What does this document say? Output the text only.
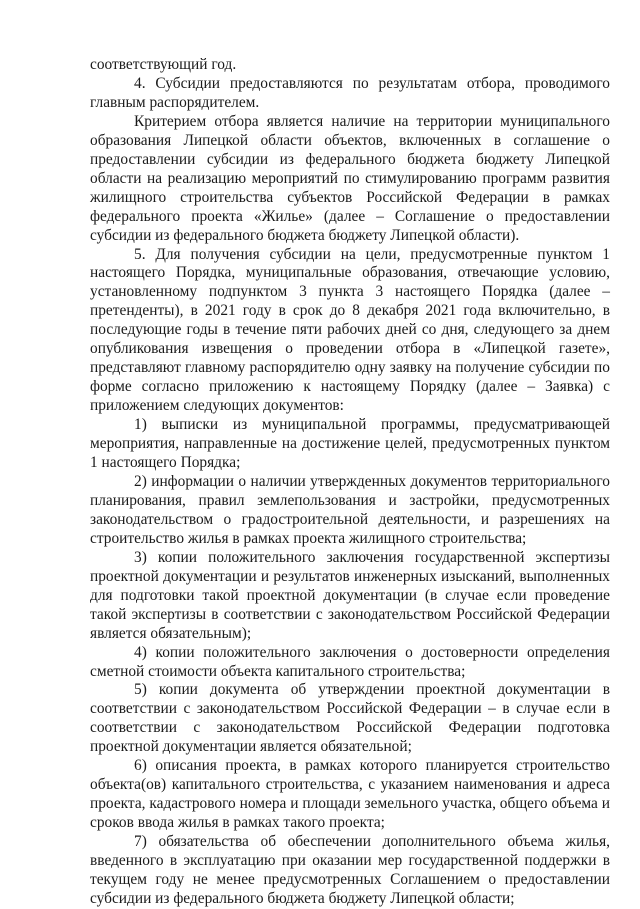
соответствующий год.

4. Субсидии предоставляются по результатам отбора, проводимого главным распорядителем.

Критерием отбора является наличие на территории муниципального образования Липецкой области объектов, включенных в соглашение о предоставлении субсидии из федерального бюджета бюджету Липецкой области на реализацию мероприятий по стимулированию программ развития жилищного строительства субъектов Российской Федерации в рамках федерального проекта «Жилье» (далее – Соглашение о предоставлении субсидии из федерального бюджета бюджету Липецкой области).

5. Для получения субсидии на цели, предусмотренные пунктом 1 настоящего Порядка, муниципальные образования, отвечающие условию, установленному подпунктом 3 пункта 3 настоящего Порядка (далее – претенденты), в 2021 году в срок до 8 декабря 2021 года включительно, в последующие годы в течение пяти рабочих дней со дня, следующего за днем опубликования извещения о проведении отбора в «Липецкой газете», представляют главному распорядителю одну заявку на получение субсидии по форме согласно приложению к настоящему Порядку (далее – Заявка) с приложением следующих документов:

1) выписки из муниципальной программы, предусматривающей мероприятия, направленные на достижение целей, предусмотренных пунктом 1 настоящего Порядка;

2) информации о наличии утвержденных документов территориального планирования, правил землепользования и застройки, предусмотренных законодательством о градостроительной деятельности, и разрешениях на строительство жилья в рамках проекта жилищного строительства;

3) копии положительного заключения государственной экспертизы проектной документации и результатов инженерных изысканий, выполненных для подготовки такой проектной документации (в случае если проведение такой экспертизы в соответствии с законодательством Российской Федерации является обязательным);

4) копии положительного заключения о достоверности определения сметной стоимости объекта капитального строительства;

5) копии документа об утверждении проектной документации в соответствии с законодательством Российской Федерации – в случае если в соответствии с законодательством Российской Федерации подготовка проектной документации является обязательной;

6) описания проекта, в рамках которого планируется строительство объекта(ов) капитального строительства, с указанием наименования и адреса проекта, кадастрового номера и площади земельного участка, общего объема и сроков ввода жилья в рамках такого проекта;

7) обязательства об обеспечении дополнительного объема жилья, введенного в эксплуатацию при оказании мер государственной поддержки в текущем году не менее предусмотренных Соглашением о предоставлении субсидии из федерального бюджета бюджету Липецкой области;
